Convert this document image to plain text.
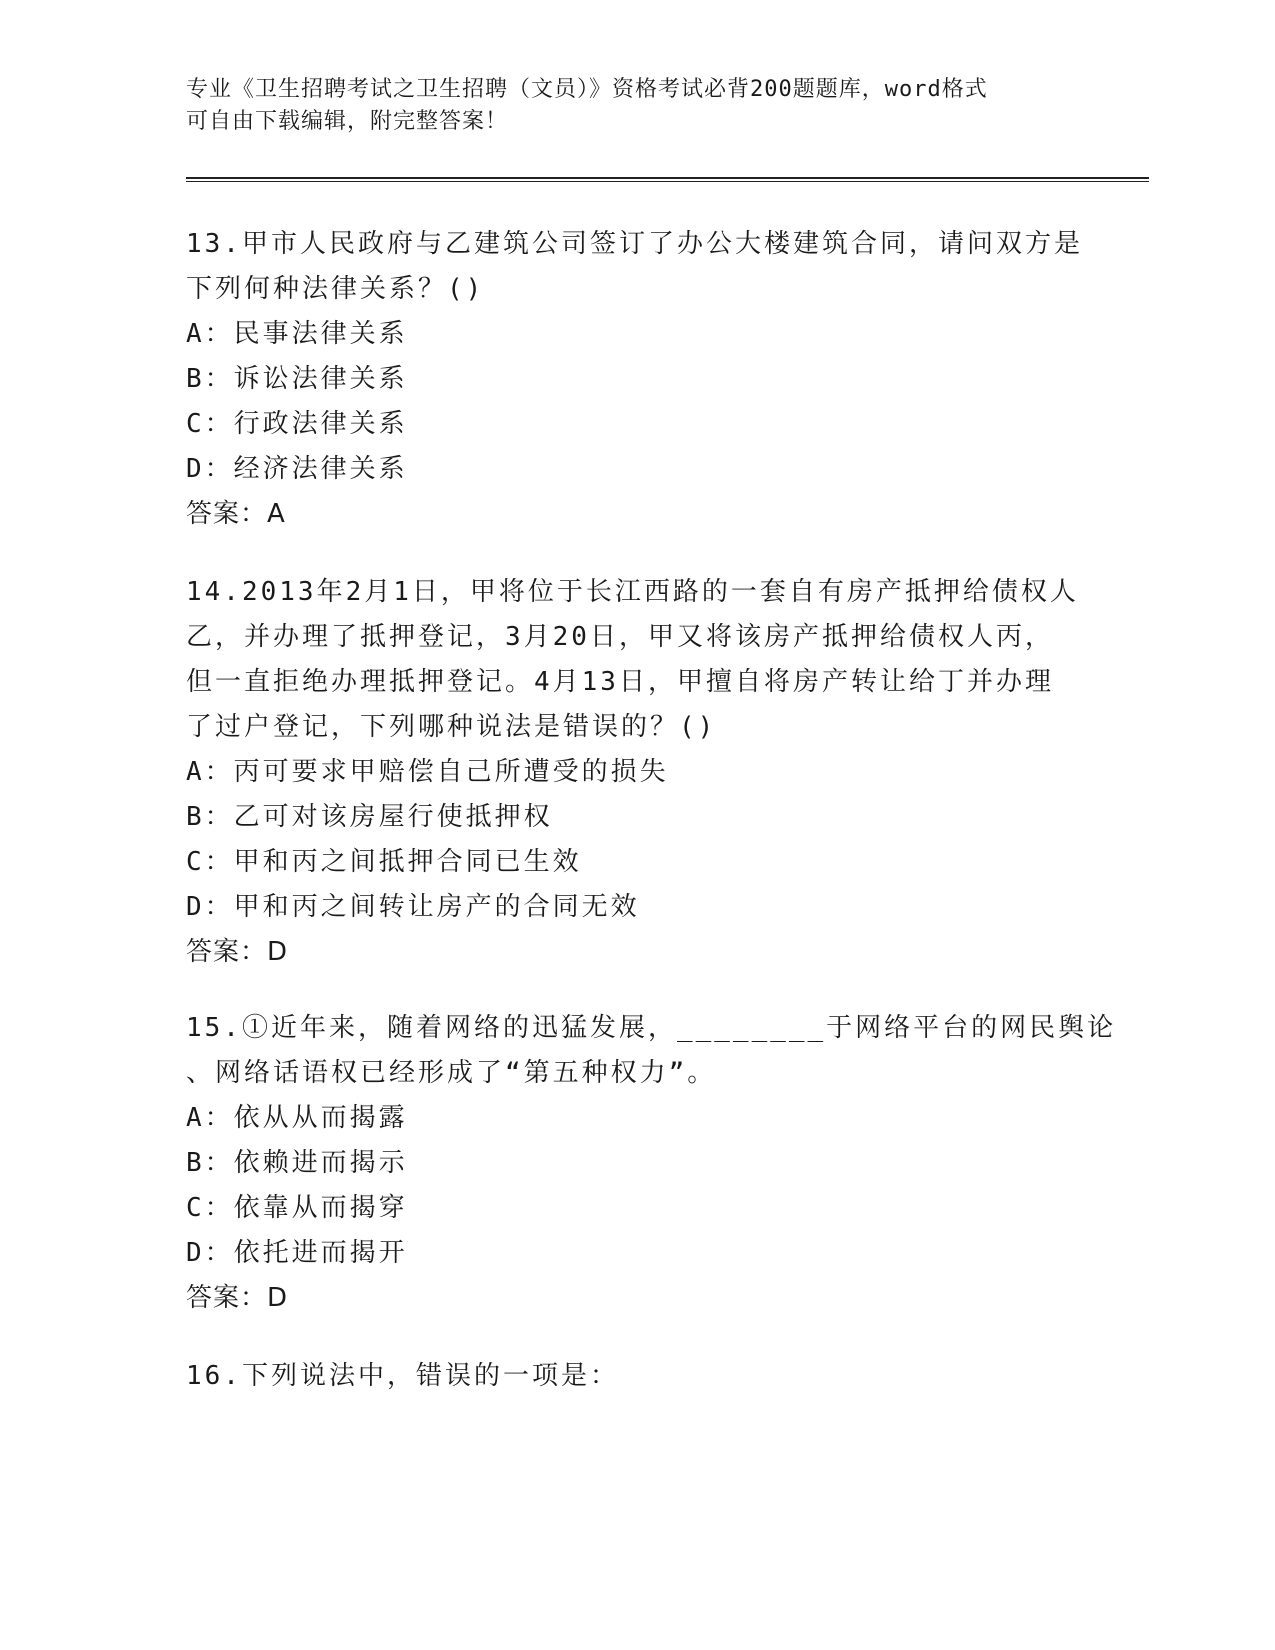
专业《卫生招聘考试之卫生招聘（文员）》资格考试必背200题题库，word格式
可自由下载编辑，附完整答案！
13.甲市人民政府与乙建筑公司签订了办公大楼建筑合同，请问双方是
下列何种法律关系？()
A：民事法律关系
B：诉讼法律关系
C：行政法律关系
D：经济法律关系
答案：A
14.2013年2月1日，甲将位于长江西路的一套自有房产抵押给债权人
乙，并办理了抵押登记，3月20日，甲又将该房产抵押给债权人丙，
但一直拒绝办理抵押登记。4月13日，甲擅自将房产转让给丁并办理
了过户登记，下列哪种说法是错误的？()
A：丙可要求甲赔偿自己所遭受的损失
B：乙可对该房屋行使抵押权
C：甲和丙之间抵押合同已生效
D：甲和丙之间转让房产的合同无效
答案：D
15.①近年来，随着网络的迅猛发展，________于网络平台的网民舆论
、网络话语权已经形成了“第五种权力”。
A：依从从而揭露
B：依赖进而揭示
C：依靠从而揭穿
D：依托进而揭开
答案：D
16.下列说法中，错误的一项是：
